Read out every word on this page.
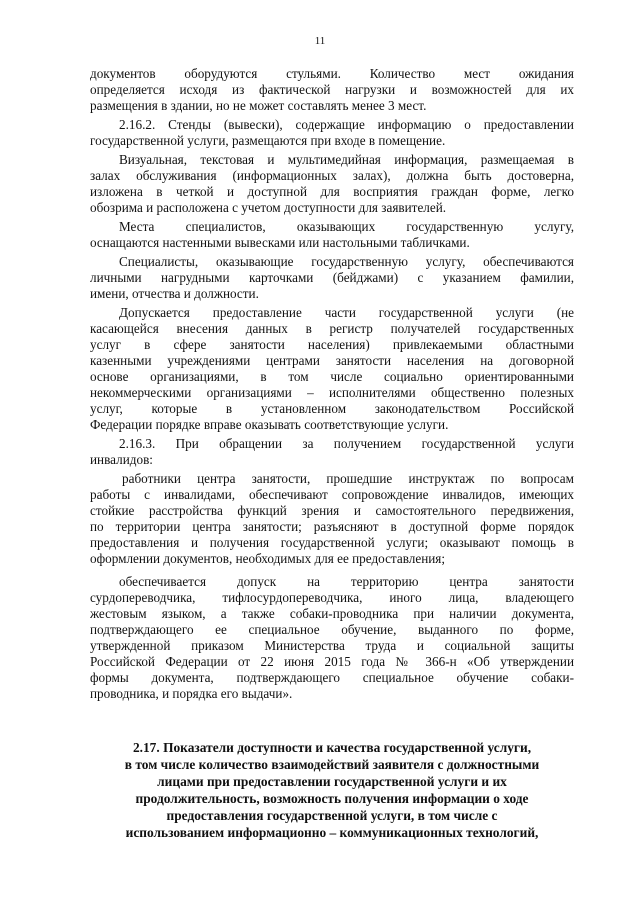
11
документов оборудуются стульями. Количество мест ожидания
определяется исходя из фактической нагрузки и возможностей для их
размещения в здании, но не может составлять менее 3 мест.
2.16.2. Стенды (вывески), содержащие информацию о предоставлении
государственной услуги, размещаются при входе в помещение.
Визуальная, текстовая и мультимедийная информация, размещаемая в
залах обслуживания (информационных залах), должна быть достоверна,
изложена в четкой и доступной для восприятия граждан форме, легко
обозрима и расположена с учетом доступности для заявителей.
Места специалистов, оказывающих государственную услугу,
оснащаются настенными вывесками или настольными табличками.
Специалисты, оказывающие государственную услугу, обеспечиваются
личными нагрудными карточками (бейджами) с указанием фамилии,
имени, отчества и должности.
Допускается предоставление части государственной услуги (не
касающейся внесения данных в регистр получателей государственных
услуг в сфере занятости населения) привлекаемыми областными
казенными учреждениями центрами занятости населения на договорной
основе организациями, в том числе социально ориентированными
некоммерческими организациями – исполнителями общественно полезных
услуг, которые в установленном законодательством Российской
Федерации порядке вправе оказывать соответствующие услуги.
2.16.3. При обращении за получением государственной услуги
инвалидов:
работники центра занятости, прошедшие инструктаж по вопросам
работы с инвалидами, обеспечивают сопровождение инвалидов, имеющих
стойкие расстройства функций зрения и самостоятельного передвижения,
по территории центра занятости; разъясняют в доступной форме порядок
предоставления и получения государственной услуги; оказывают помощь в
оформлении документов, необходимых для ее предоставления;
обеспечивается допуск на территорию центра занятости
сурдопереводчика, тифлосурдопереводчика, иного лица, владеющего
жестовым языком, а также собаки-проводника при наличии документа,
подтверждающего ее специальное обучение, выданного по форме,
утвержденной приказом Министерства труда и социальной защиты
Российской Федерации от 22 июня 2015 года № 366-н «Об утверждении
формы документа, подтверждающего специальное обучение собаки-
проводника, и порядка его выдачи».
2.17. Показатели доступности и качества государственной услуги,
в том числе количество взаимодействий заявителя с должностными
лицами при предоставлении государственной услуги и их
продолжительность, возможность получения информации о ходе
предоставления государственной услуги, в том числе с
использованием информационно – коммуникационных технологий,
